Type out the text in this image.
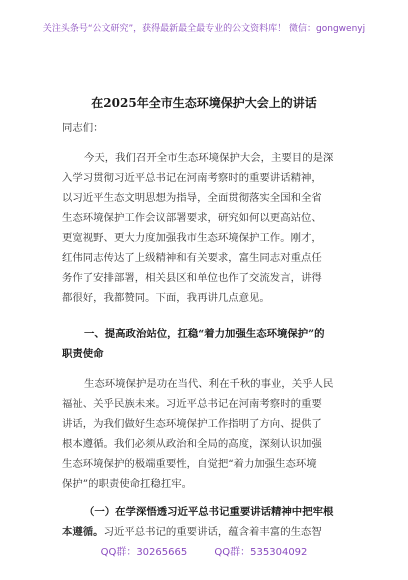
关注头条号“公文研究”，获得最新最全最专业的公文资料库！ 微信：gongwenyj
在2025年全市生态环境保护大会上的讲话
同志们：
今天，我们召开全市生态环境保护大会，主要目的是深
入学习贯彻习近平总书记在河南考察时的重要讲话精神，
以习近平生态文明思想为指导，全面贯彻落实全国和全省
生态环境保护工作会议部署要求，研究如何以更高站位、
更宽视野、更大力度加强我市生态环境保护工作。刚才，
红伟同志传达了上级精神和有关要求，富生同志对重点任
务作了安排部署，相关县区和单位也作了交流发言，讲得
都很好，我都赞同。下面，我再讲几点意见。
一、提高政治站位，扛稳“着力加强生态环境保护”的
职责使命
生态环境保护是功在当代、利在千秋的事业，关乎人民
福祉、关乎民族未来。习近平总书记在河南考察时的重要
讲话，为我们做好生态环境保护工作指明了方向、提供了
根本遵循。我们必须从政治和全局的高度，深刻认识加强
生态环境保护的极端重要性，自觉把“着力加强生态环境
保护”的职责使命扛稳扛牢。
（一）在学深悟透习近平总书记重要讲话精神中把牢根
本遵循。习近平总书记的重要讲话，蕴含着丰富的生态智
QQ群：30265665	QQ群：535304092
